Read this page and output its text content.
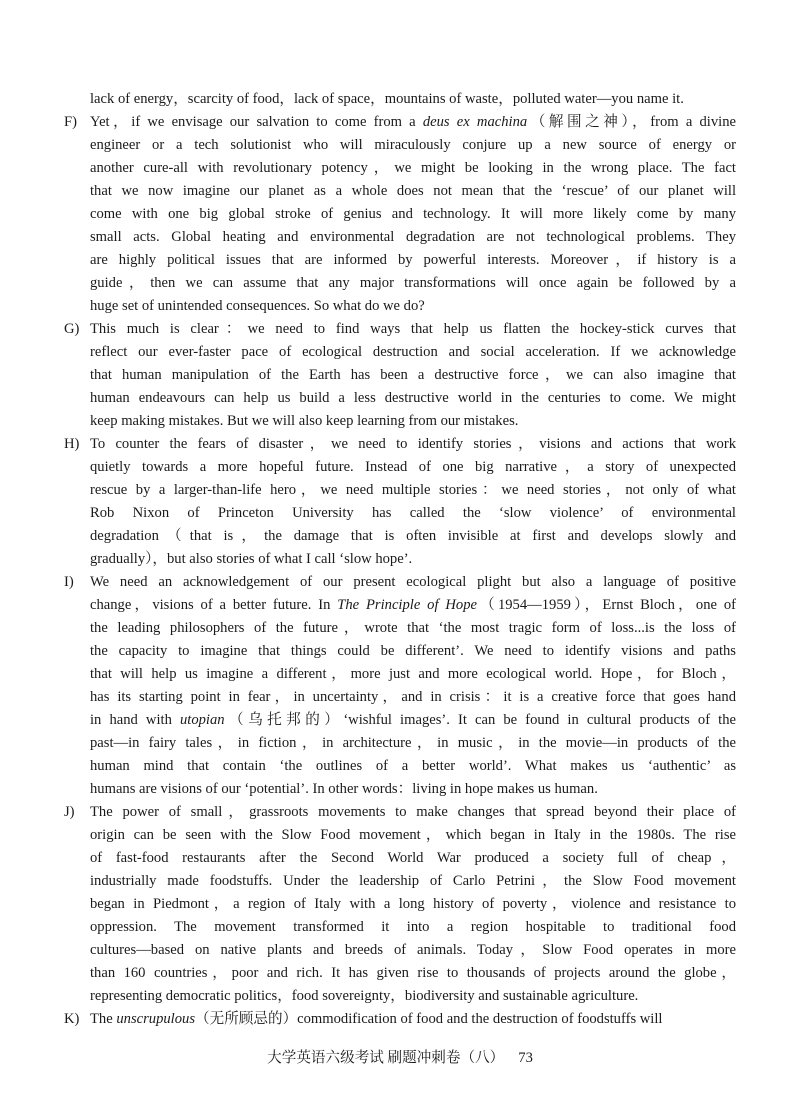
lack of energy，scarcity of food，lack of space，mountains of waste，polluted water—you name it.
F) Yet，if we envisage our salvation to come from a deus ex machina（解围之神），from a divine
engineer or a tech solutionist who will miraculously conjure up a new source of energy or
another cure-all with revolutionary potency，we might be looking in the wrong place. The fact
that we now imagine our planet as a whole does not mean that the ‘rescue’ of our planet will
come with one big global stroke of genius and technology. It will more likely come by many
small acts. Global heating and environmental degradation are not technological problems. They
are highly political issues that are informed by powerful interests. Moreover，if history is a
guide，then we can assume that any major transformations will once again be followed by a
huge set of unintended consequences. So what do we do?
G) This much is clear：we need to find ways that help us flatten the hockey-stick curves that
reflect our ever-faster pace of ecological destruction and social acceleration. If we acknowledge
that human manipulation of the Earth has been a destructive force，we can also imagine that
human endeavours can help us build a less destructive world in the centuries to come. We might
keep making mistakes. But we will also keep learning from our mistakes.
H) To counter the fears of disaster，we need to identify stories，visions and actions that work
quietly towards a more hopeful future. Instead of one big narrative，a story of unexpected
rescue by a larger-than-life hero，we need multiple stories：we need stories，not only of what
Rob Nixon of Princeton University has called the ‘slow violence’ of environmental
degradation（that is，the damage that is often invisible at first and develops slowly and
gradually），but also stories of what I call ‘slow hope’.
I) We need an acknowledgement of our present ecological plight but also a language of positive
change，visions of a better future. In The Principle of Hope（1954—1959），Ernst Bloch，one of
the leading philosophers of the future，wrote that ‘the most tragic form of loss...is the loss of
the capacity to imagine that things could be different’. We need to identify visions and paths
that will help us imagine a different，more just and more ecological world. Hope，for Bloch，
has its starting point in fear，in uncertainty，and in crisis：it is a creative force that goes hand
in hand with utopian（乌托邦的）‘wishful images’. It can be found in cultural products of the
past—in fairy tales，in fiction，in architecture，in music，in the movie—in products of the
human mind that contain ‘the outlines of a better world’. What makes us ‘authentic’ as
humans are visions of our ‘potential’. In other words：living in hope makes us human.
J) The power of small，grassroots movements to make changes that spread beyond their place of
origin can be seen with the Slow Food movement，which began in Italy in the 1980s. The rise
of fast-food restaurants after the Second World War produced a society full of cheap，
industrially made foodstuffs. Under the leadership of Carlo Petrini，the Slow Food movement
began in Piedmont，a region of Italy with a long history of poverty，violence and resistance to
oppression. The movement transformed it into a region hospitable to traditional food
cultures—based on native plants and breeds of animals. Today，Slow Food operates in more
than 160 countries，poor and rich. It has given rise to thousands of projects around the globe，
representing democratic politics，food sovereignty，biodiversity and sustainable agriculture.
K) The unscrupulous（无所顾忌的）commodification of food and the destruction of foodstuffs will
大学英语六级考试 刷题冲刺卷（八） 73
